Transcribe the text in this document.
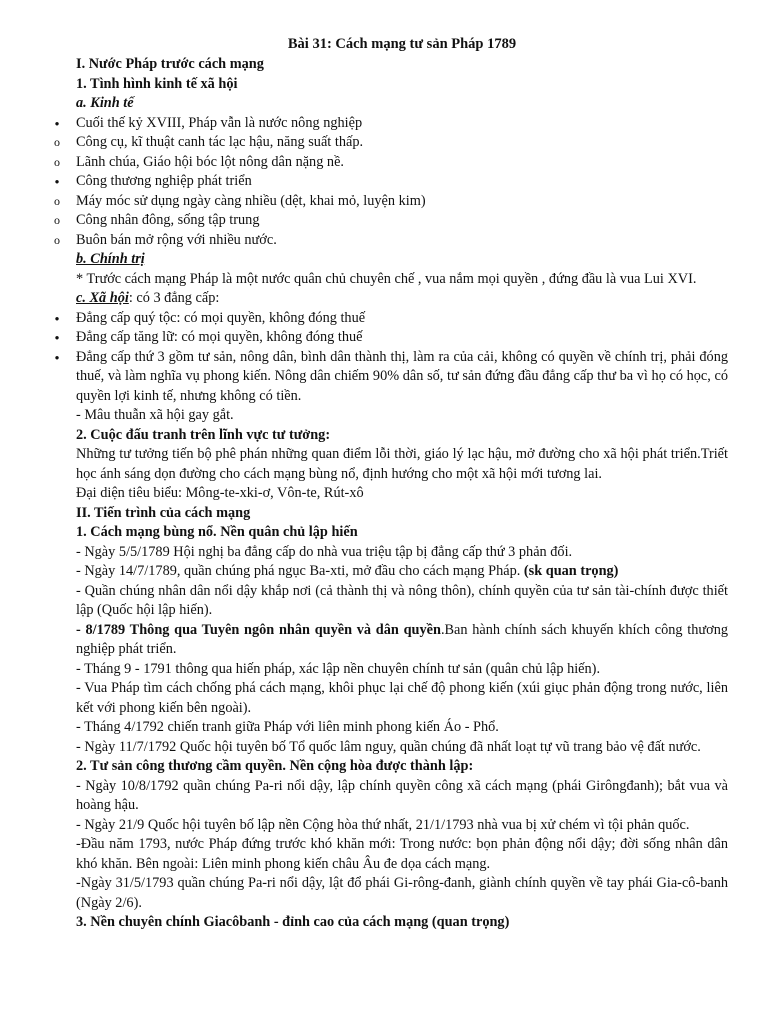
Bài 31: Cách mạng tư sản Pháp 1789
I. Nước Pháp trước cách mạng
1. Tình hình kinh tế xã hội
a. Kinh tế
●
Cuối thế kỷ XVIII, Pháp vẫn là nước nông nghiệp
o
Công cụ, kĩ thuật canh tác lạc hậu, năng suất thấp.
o
Lãnh chúa, Giáo hội bóc lột nông dân nặng nề.
●
Công thương nghiệp phát triển
o
Máy móc sử dụng ngày càng nhiều (dệt, khai mỏ, luyện kim)
o
Công nhân đông, sống tập trung
o
Buôn bán mở rộng với nhiều nước.
b. Chính trị
* Trước cách mạng Pháp là một nước quân chủ chuyên chế , vua nắm mọi quyền , đứng đầu là vua Lui XVI.
c. Xã hội: có 3 đẳng cấp:
●
Đẳng cấp quý tộc: có mọi quyền, không đóng thuế
●
Đẳng cấp tăng lữ: có mọi quyền, không đóng thuế
●
Đẳng cấp thứ 3 gồm tư sản, nông dân, bình dân thành thị, làm ra của cải, không có quyền về chính trị, phải đóng thuế, và làm nghĩa vụ phong kiến. Nông dân chiếm 90% dân số, tư sản đứng đầu đẳng cấp thư ba vì họ có học, có quyền lợi kinh tế, nhưng không có tiền.
- Mâu thuẫn xã hội gay gắt.
2. Cuộc đấu tranh trên lĩnh vực tư tưởng:
Những tư tưởng tiến bộ phê phán những quan điểm lỗi thời, giáo lý lạc hậu, mở đường cho xã hội phát triển.Triết học ánh sáng dọn đường cho cách mạng bùng nổ, định hướng cho một xã hội mới tương lai.
Đại diện tiêu biểu: Mông-te-xki-ơ, Vôn-te, Rút-xô
II. Tiến trình của cách mạng
1. Cách mạng bùng nổ. Nền quân chủ lập hiến
- Ngày 5/5/1789 Hội nghị ba đẳng cấp do nhà vua triệu tập bị đẳng cấp thứ 3 phản đối.
- Ngày 14/7/1789, quần chúng phá ngục Ba-xti, mở đầu cho cách mạng Pháp. (sk quan trọng)
- Quần chúng nhân dân nổi dậy khắp nơi (cả thành thị và nông thôn), chính quyền của tư sản tài-chính được thiết lập (Quốc hội lập hiến).
- 8/1789 Thông qua Tuyên ngôn nhân quyền và dân quyền.Ban hành chính sách khuyến khích công thương nghiệp phát triển.
- Tháng 9 - 1791 thông qua hiến pháp, xác lập nền chuyên chính tư sản (quân chủ lập hiến).
- Vua Pháp tìm cách chống phá cách mạng, khôi phục lại chế độ phong kiến (xúi giục phản động trong nước, liên kết với phong kiến bên ngoài).
- Tháng 4/1792 chiến tranh giữa Pháp với liên minh phong kiến Áo - Phổ.
- Ngày 11/7/1792 Quốc hội tuyên bố Tổ quốc lâm nguy, quần chúng đã nhất loạt tự vũ trang bảo vệ đất nước.
2. Tư sản công thương cầm quyền. Nền cộng hòa được thành lập:
- Ngày 10/8/1792 quần chúng Pa-ri nổi dậy, lập chính quyền công xã cách mạng (phái Girôngđanh); bắt vua và hoàng hậu.
- Ngày 21/9 Quốc hội tuyên bố lập nền Cộng hòa thứ nhất, 21/1/1793 nhà vua bị xử chém vì tội phản quốc.
-Đầu năm 1793, nước Pháp đứng trước khó khăn mới: Trong nước: bọn phản động nổi dậy; đời sống nhân dân khó khăn. Bên ngoài: Liên minh phong kiến châu Âu đe dọa cách mạng.
-Ngày 31/5/1793 quần chúng Pa-ri nổi dậy, lật đổ phái Gi-rông-đanh, giành chính quyền về tay phái Gia-cô-banh (Ngày 2/6).
3. Nền chuyên chính Giacôbanh - đỉnh cao của cách mạng (quan trọng)
